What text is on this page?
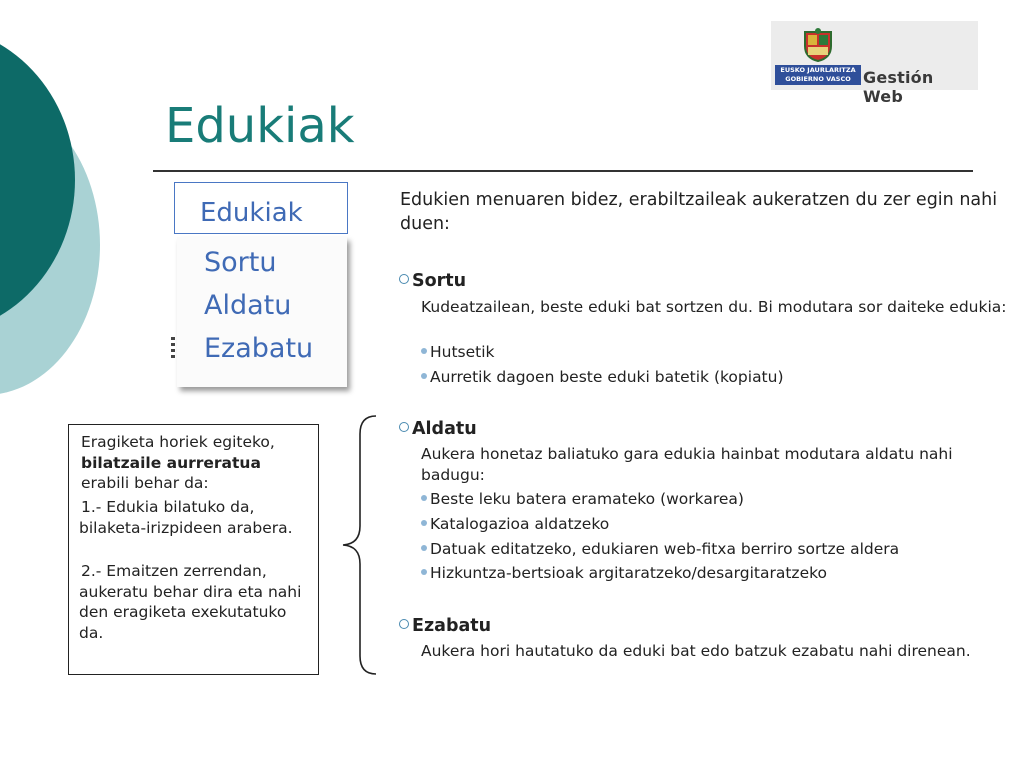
EUSKO JAURLARITZA
GOBIERNO VASCO Gestión Web
Edukiak
Edukiak
Sortu
Aldatu
Ezabatu
Edukien menuaren bidez, erabiltzaileak aukeratzen du zer egin nahi duen:
Sortu
Kudeatzailean, beste eduki bat sortzen du. Bi modutara sor daiteke edukia:
Hutsetik
Aurretik dagoen beste eduki batetik (kopiatu)
Aldatu
Aukera honetaz baliatuko gara edukia hainbat modutara aldatu nahi badugu:
Beste leku batera eramateko (workarea)
Katalogazioa aldatzeko
Datuak editatzeko, edukiaren web-fitxa berriro sortze aldera
Hizkuntza-bertsioak argitaratzeko/desargitaratzeko
Ezabatu
Aukera hori hautatuko da eduki bat edo batzuk ezabatu nahi direnean.

Eragiketa horiek egiteko, bilatzaile aurreratua erabili behar da:

1.- Edukia bilatuko da, bilaketa-irizpideen arabera.

2.- Emaitzen zerrendan, aukeratu behar dira eta nahi den eragiketa exekutatuko da.
